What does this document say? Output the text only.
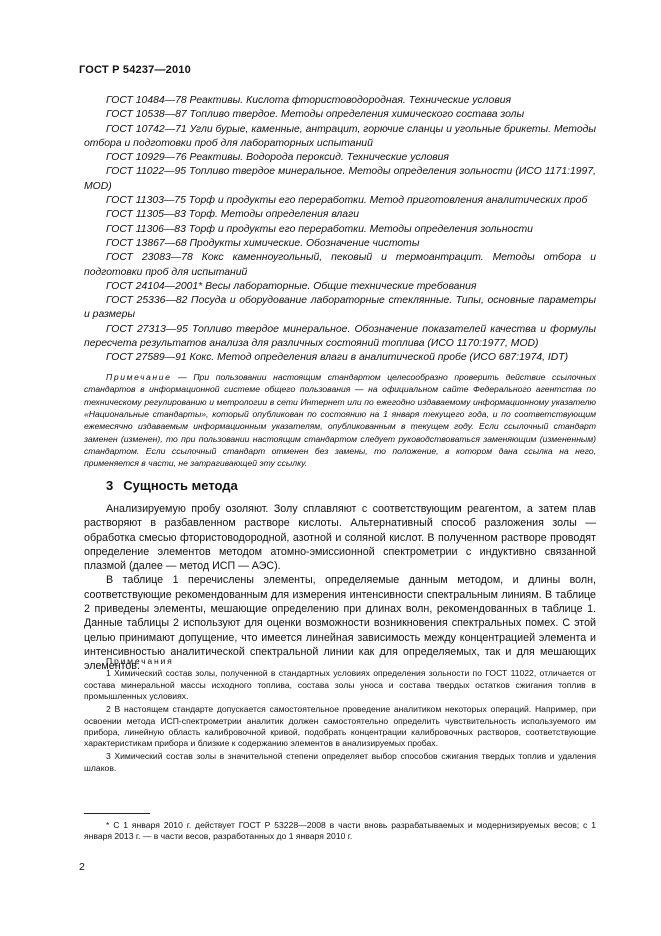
ГОСТ Р 54237—2010

ГОСТ 10484—78 Реактивы. Кислота фтористоводородная. Технические условия

ГОСТ 10538—87 Топливо твердое. Методы определения химического состава золы

ГОСТ 10742—71 Угли бурые, каменные, антрацит, горючие сланцы и угольные брикеты. Методы отбора и подготовки проб для лабораторных испытаний

ГОСТ 10929—76 Реактивы. Водорода пероксид. Технические условия

ГОСТ 11022—95 Топливо твердое минеральное. Методы определения зольности (ИСО 1171:1997, MOD)

ГОСТ 11303—75 Торф и продукты его переработки. Метод приготовления аналитических проб

ГОСТ 11305—83 Торф. Методы определения влаги

ГОСТ 11306—83 Торф и продукты его переработки. Методы определения зольности

ГОСТ 13867—68 Продукты химические. Обозначение чистоты

ГОСТ 23083—78 Кокс каменноугольный, пековый и термоантрацит. Методы отбора и подготовки проб для испытаний

ГОСТ 24104—2001* Весы лабораторные. Общие технические требования

ГОСТ 25336—82 Посуда и оборудование лабораторные стеклянные. Типы, основные параметры и размеры

ГОСТ 27313—95 Топливо твердое минеральное. Обозначение показателей качества и формулы пересчета результатов анализа для различных состояний топлива (ИСО 1170:1977, MOD)

ГОСТ 27589—91 Кокс. Метод определения влаги в аналитической пробе (ИСО 687:1974, IDT)

Примечание — При пользовании настоящим стандартом целесообразно проверить действие ссылочных стандартов в информационной системе общего пользования — на официальном сайте Федерального агентства по техническому регулированию и метрологии в сети Интернет или по ежегодно издаваемому информационному указателю «Национальные стандарты», который опубликован по состоянию на 1 января текущего года, и по соответствующим ежемесячно издаваемым информационным указателям, опубликованным в текущем году. Если ссылочный стандарт заменен (изменен), то при пользовании настоящим стандартом следует руководствоваться заменяющим (измененным) стандартом. Если ссылочный стандарт отменен без замены, то положение, в котором дана ссылка на него, применяется в части, не затрагивающей эту ссылку.

3 Сущность метода

Анализируемую пробу озоляют. Золу сплавляют с соответствующим реагентом, а затем плав растворяют в разбавленном растворе кислоты. Альтернативный способ разложения золы — обработка смесью фтористоводородной, азотной и соляной кислот. В полученном растворе проводят определение элементов методом атомно-эмиссионной спектрометрии с индуктивно связанной плазмой (далее — метод ИСП — АЭС).

В таблице 1 перечислены элементы, определяемые данным методом, и длины волн, соответствующие рекомендованным для измерения интенсивности спектральным линиям. В таблице 2 приведены элементы, мешающие определению при длинах волн, рекомендованных в таблице 1. Данные таблицы 2 используют для оценки возможности возникновения спектральных помех. С этой целью принимают допущение, что имеется линейная зависимость между концентрацией элемента и интенсивностью аналитической спектральной линии как для определяемых, так и для мешающих элементов.

Примечания

1 Химический состав золы, полученной в стандартных условиях определения зольности по ГОСТ 11022, отличается от состава минеральной массы исходного топлива, состава золы уноса и состава твердых остатков сжигания топлив в промышленных условиях.

2 В настоящем стандарте допускается самостоятельное проведение аналитиком некоторых операций. Например, при освоении метода ИСП-спектрометрии аналитик должен самостоятельно определить чувствительность используемого им прибора, линейную область калибровочной кривой, подобрать концентрации калибровочных растворов, соответствующие характеристикам прибора и близкие к содержанию элементов в анализируемых пробах.

3 Химический состав золы в значительной степени определяет выбор способов сжигания твердых топлив и удаления шлаков.

* С 1 января 2010 г. действует ГОСТ Р 53228—2008 в части вновь разрабатываемых и модернизируемых весов; с 1 января 2013 г. — в части весов, разработанных до 1 января 2010 г.

2
